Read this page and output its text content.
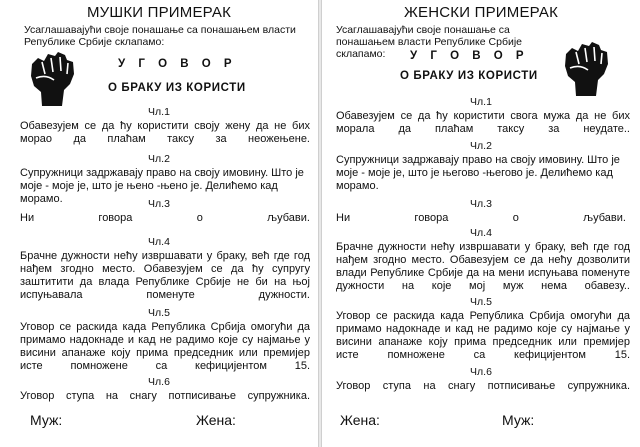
МУШКИ ПРИМЕРАК
Усаглашавајући своје понашање са понашањем власти Републике Србије склапамо:
У Г О В О Р
О БРАКУ ИЗ КОРИСТИ
Чл.1
Обавезујем се да ћу користити своју жену да не бих морао да плаћам таксу за неожењене.
Чл.2
Супружници задржавају право на своју имовину. Што је моје - моје је, што је њено -њено је. Делићемо кад морамо.	Чл.3
Ни	говора	о	љубави.
Чл.4
Брачне дужности нећу извршавати у браку, већ где год нађем згодно место. Обавезујем се да ћу супругу заштитити да влада Републике Србије не би на њој испуњавала поменуте дужности.
Чл.5
Уговор се раскида када Република Србија омогући да примамо надокнаде и кад не радимо које су најмање у висини апанаже коју прима председник или премијер исте помножене са кефицијентом 15.
Чл.6
Уговор ступа на снагу потписивање супружника.
Муж:	Жена:
ЖЕНСКИ ПРИМЕРАК
Усаглашавајући своје понашање са понашањем власти Републике Србије склапамо:	У Г О В О Р
О БРАКУ ИЗ КОРИСТИ
Чл.1
Обавезујем се да ћу користити свога мужа да не бих морала да плаћам таксу за неудате..
Чл.2
Супружници задржавају право на своју имовину. Што је моје - моје је, што је његово -његово је. Делићемо кад морамо.
Чл.3
Ни	говора	о	љубави.
Чл.4
Брачне дужности нећу извршавати у браку, већ где год нађем згодно место. Обавезујем се да нећу дозволити влади Републике Србије да на мени испуњава поменуте дужности на које мој муж нема обавезу..
Чл.5
Уговор се раскида када Република Србија омогући да примамо надокнаде и кад не радимо које су најмање у висини апанаже коју прима председник или премијер исте помножене са кефицијентом 15.
Чл.6
Уговор ступа на снагу потписивање супружника.
Жена:	Муж:
